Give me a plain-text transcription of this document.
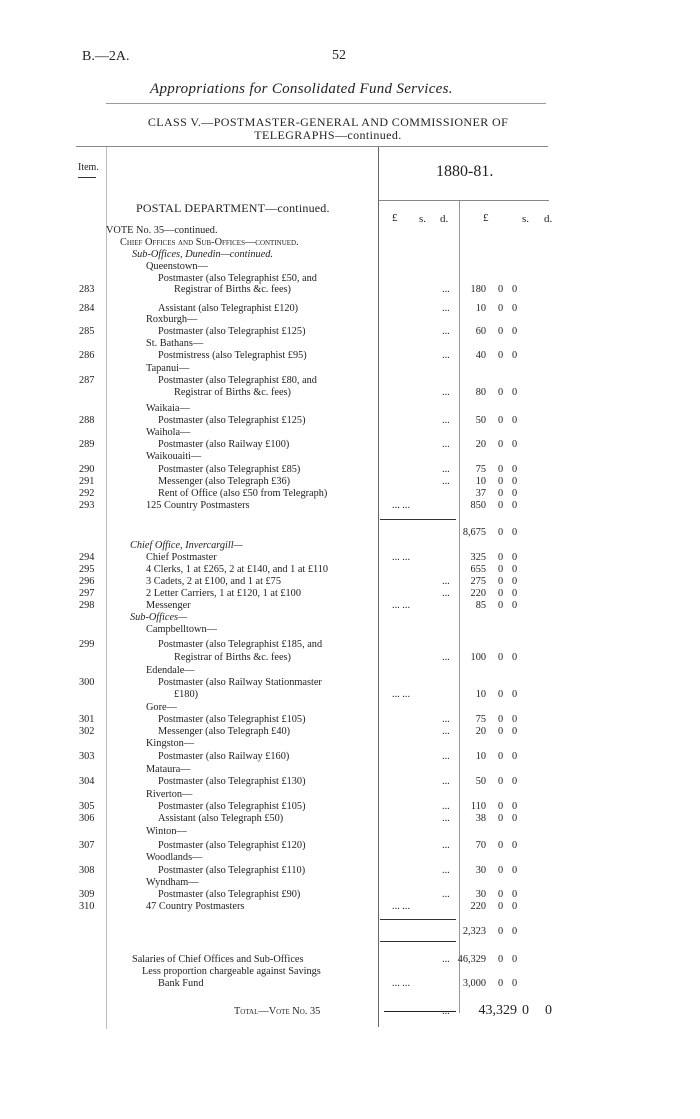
B.—2A.	52
Appropriations for Consolidated Fund Services.
CLASS V.—POSTMASTER-GENERAL AND COMMISSIONER OF TELEGRAPHS—continued.
Item.	1880-81.
POSTAL DEPARTMENT—continued.
£ s. d.	£	s. d.
VOTE No. 35—continued.
Chief Offices and Sub-Offices—continued.
Sub-Offices, Dunedin—continued.
Queenstown—
Postmaster (also Telegraphist £50, and
283	Registrar of Births &c. fees)	...	180 0 0
284	Assistant (also Telegraphist £120)	...	10 0 0
Roxburgh—
285	Postmaster (also Telegraphist £125)	...	60 0 0
St. Bathans—
286	Postmistress (also Telegraphist £95)	...	40 0 0
Tapanui—
287	Postmaster (also Telegraphist £80, and
Registrar of Births &c. fees)	...	80 0 0
Waikaia—
288	Postmaster (also Telegraphist £125)	...	50 0 0
Waihola—
289	Postmaster (also Railway £100)	...	20 0 0
Waikouaiti—
290	Postmaster (also Telegraphist £85)	...	75 0 0
291	Messenger (also Telegraph £36)	...	10 0 0
292	Rent of Office (also £50 from Telegraph)	37 0 0
293	125 Country Postmasters	... ...	850 0 0
8,675 0 0
Chief Office, Invercargill—
294	Chief Postmaster	... ...	325 0 0
295	4 Clerks, 1 at £265, 2 at £140, and 1 at £110	655 0 0
296	3 Cadets, 2 at £100, and 1 at £75	...	275 0 0
297	2 Letter Carriers, 1 at £120, 1 at £100	...	220 0 0
298	Messenger	... ...	85 0 0
Sub-Offices—
Campbelltown—
299	Postmaster (also Telegraphist £185, and
Registrar of Births &c. fees)	...	100 0 0
Edendale—
300	Postmaster (also Railway Stationmaster
£180)	... ...	10 0 0
Gore—
301	Postmaster (also Telegraphist £105)	...	75 0 0
302	Messenger (also Telegraph £40)	...	20 0 0
Kingston—
303	Postmaster (also Railway £160)	...	10 0 0
Mataura—
304	Postmaster (also Telegraphist £130)	...	50 0 0
Riverton—
305	Postmaster (also Telegraphist £105)	...	110 0 0
306	Assistant (also Telegraph £50)	...	38 0 0
Winton—
307	Postmaster (also Telegraphist £120)	...	70 0 0
Woodlands—
308	Postmaster (also Telegraphist £110)	...	30 0 0
Wyndham—
309	Postmaster (also Telegraphist £90)	...	30 0 0
310	47 Country Postmasters	... ...	220 0 0
2,323 0 0
Salaries of Chief Offices and Sub-Offices	... 46,329 0 0
Less proportion chargeable against Savings
Bank Fund	... ...	3,000 0 0
Total—Vote No. 35	43,329 0 0
